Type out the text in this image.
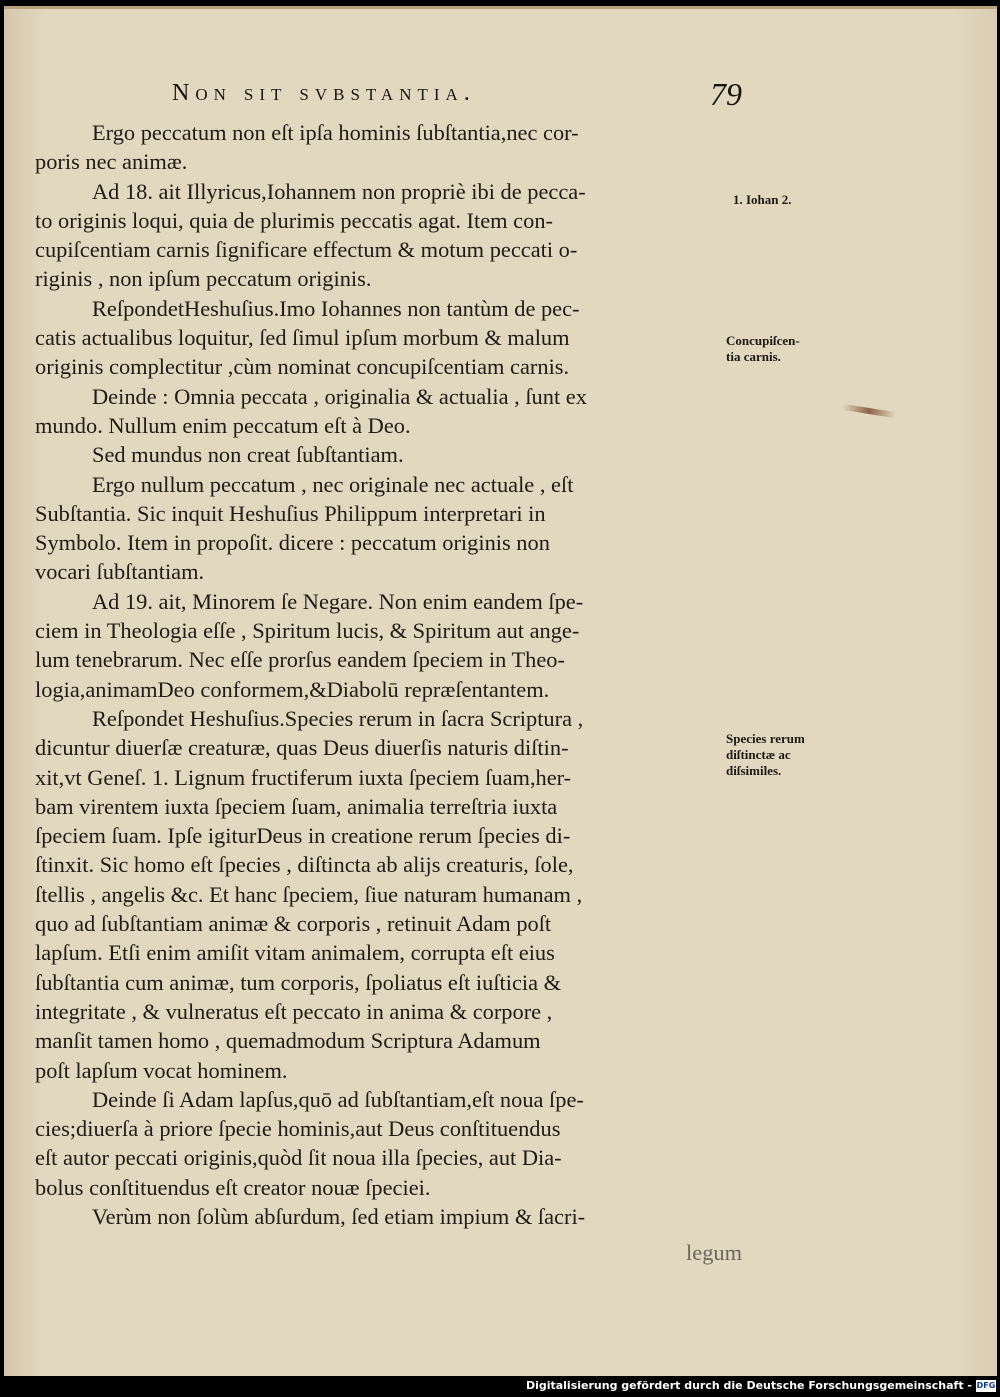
Non sit svbstantia.	79
Ergo peccatum non eſt ipſa hominis ſubſtantia,nec cor-
poris nec animæ.
Ad 18. ait Illyricus,Iohannem non propriè ibi de pecca-
to originis loqui, quia de plurimis peccatis agat. Item con-
cupiſcentiam carnis ſignificare effectum & motum peccati o-
riginis , non ipſum peccatum originis.
ReſpondetHeshuſius.Imo Iohannes non tantùm de pec-
catis actualibus loquitur, ſed ſimul ipſum morbum & malum
originis complectitur ,cùm nominat concupiſcentiam carnis.
Deinde : Omnia peccata , originalia & actualia , ſunt ex
mundo. Nullum enim peccatum eſt à Deo.
Sed mundus non creat ſubſtantiam.
Ergo nullum peccatum , nec originale nec actuale , eſt
Subſtantia. Sic inquit Heshuſius Philippum interpretari in
Symbolo. Item in propoſit. dicere : peccatum originis non
vocari ſubſtantiam.
Ad 19. ait, Minorem ſe Negare. Non enim eandem ſpe-
ciem in Theologia eſſe , Spiritum lucis, & Spiritum aut ange-
lum tenebrarum. Nec eſſe prorſus eandem ſpeciem in Theo-
logia,animamDeo conformem,&Diabolū repræſentantem.
Reſpondet Heshuſius.Species rerum in ſacra Scriptura ,
dicuntur diuerſæ creaturæ, quas Deus diuerſis naturis diſtin-
xit,vt Geneſ. 1. Lignum fructiferum iuxta ſpeciem ſuam,her-
bam virentem iuxta ſpeciem ſuam, animalia terreſtria iuxta
ſpeciem ſuam. Ipſe igiturDeus in creatione rerum ſpecies di-
ſtinxit. Sic homo eſt ſpecies , diſtincta ab alijs creaturis, ſole,
ſtellis , angelis &c. Et hanc ſpeciem, ſiue naturam humanam ,
quo ad ſubſtantiam animæ & corporis , retinuit Adam poſt
lapſum. Etſi enim amiſit vitam animalem, corrupta eſt eius
ſubſtantia cum animæ, tum corporis, ſpoliatus eſt iuſticia &
integritate , & vulneratus eſt peccato in anima & corpore ,
manſit tamen homo , quemadmodum Scriptura Adamum
poſt lapſum vocat hominem.
Deinde ſi Adam lapſus,quō ad ſubſtantiam,eſt noua ſpe-
cies;diuerſa à priore ſpecie hominis,aut Deus conſtituendus
eſt autor peccati originis,quòd ſit noua illa ſpecies, aut Dia-
bolus conſtituendus eſt creator nouæ ſpeciei.
Verùm non ſolùm abſurdum, ſed etiam impium & ſacri-
1. Iohan 2.
Concupiſcen-
tia carnis.
Species rerum
diſtinctæ ac
diſsimiles.
legum
Digitalisierung gefördert durch die Deutsche Forschungsgemeinschaft - DFG
